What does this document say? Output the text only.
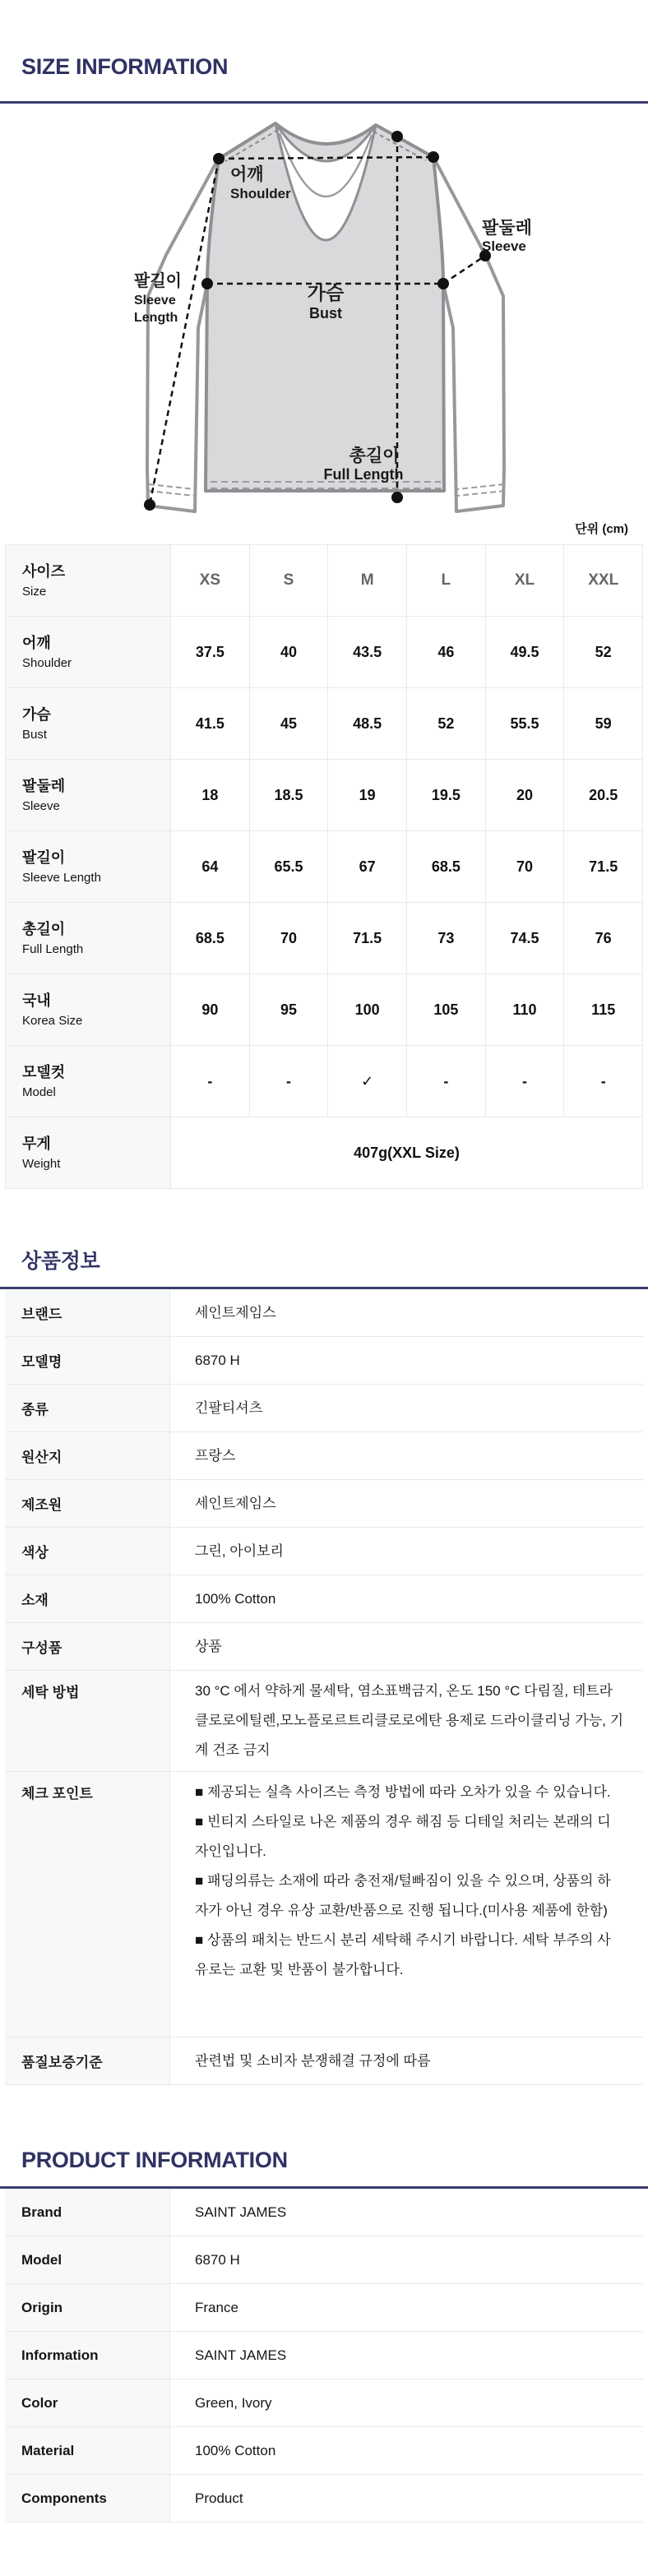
SIZE INFORMATION
어깨
Shoulder
팔둘레
Sleeve
팔길이
Sleeve
Length
가슴
Bust
총길이
Full Length
단위 (cm)
사이즈
Size
XS	S	M	L	XL	XXL
어깨
Shoulder
37.5	40	43.5	46	49.5	52
가슴
Bust
41.5	45	48.5	52	55.5	59
팔둘레
Sleeve
18	18.5	19	19.5	20	20.5
팔길이
Sleeve Length
64	65.5	67	68.5	70	71.5
총길이
Full Length
68.5	70	71.5	73	74.5	76
국내
Korea Size
90	95	100	105	110	115
모델컷
Model
-	-	✓	-	-	-
무게
Weight
407g(XXL Size)
상품정보
브랜드	세인트제임스
모델명	6870 H
종류	긴팔티셔츠
원산지	프랑스
제조원	세인트제임스
색상	그린, 아이보리
소재	100% Cotton
구성품	상품
세탁 방법	30 °C 에서 약하게 물세탁, 염소표백금지, 온도 150 °C 다림질, 테트라클로로에틸렌,모노플로르트리클로로에탄 용제로 드라이클리닝 가능, 기계 건조 금지
체크 포인트	■ 제공되는 실측 사이즈는 측정 방법에 따라 오차가 있을 수 있습니다.

■ 빈티지 스타일로 나온 제품의 경우 해짐 등 디테일 처리는 본래의 디자인입니다.

■ 패딩의류는 소재에 따라 충전재/털빠짐이 있을 수 있으며, 상품의 하자가 아닌 경우 유상 교환/반품으로 진행 됩니다.(미사용 제품에 한함)

■ 상품의 패치는 반드시 분리 세탁해 주시기 바랍니다. 세탁 부주의 사유로는 교환 및 반품이 불가합니다.

품질보증기준	관련법 및 소비자 분쟁해결 규정에 따름
PRODUCT INFORMATION
Brand	SAINT JAMES
Model	6870 H
Origin	France
Information	SAINT JAMES
Color	Green, Ivory
Material	100% Cotton
Components	Product
